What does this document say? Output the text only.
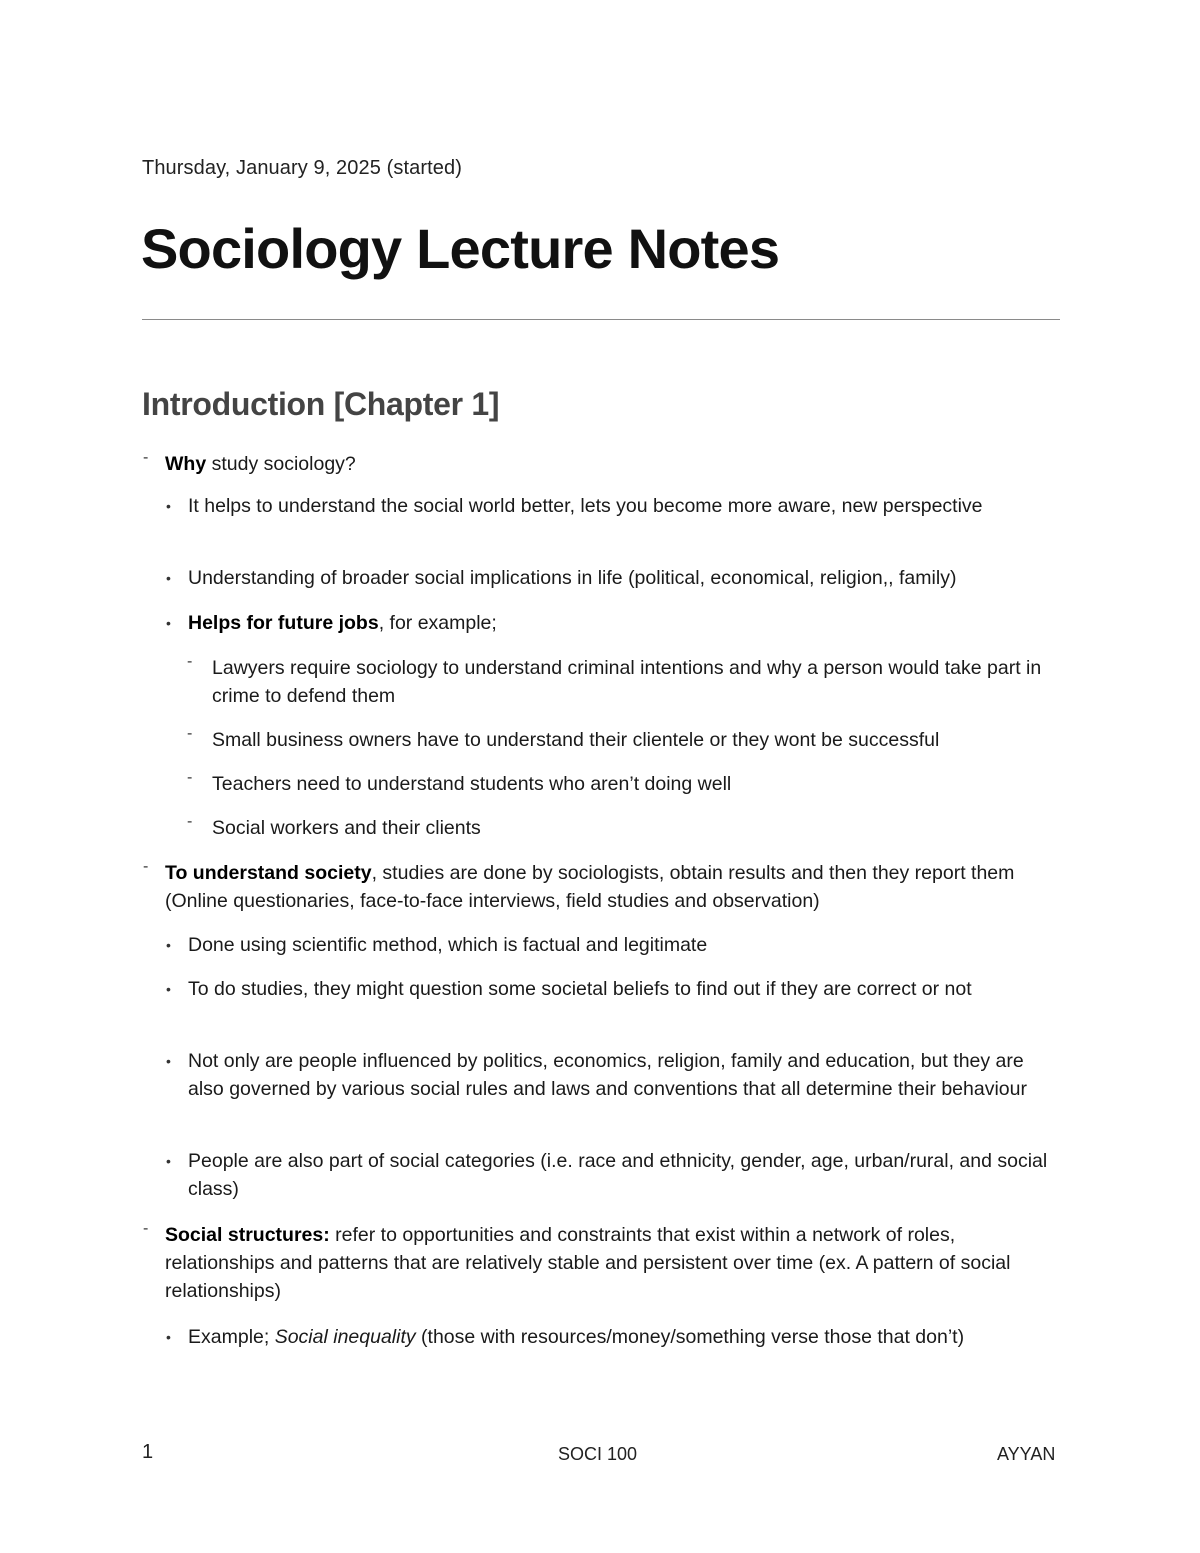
Thursday, January 9, 2025 (started)
Sociology Lecture Notes
Introduction [Chapter 1]
- Why study sociology?
• It helps to understand the social world better, lets you become more aware, new perspective
• Understanding of broader social implications in life (political, economical, religion,, family)
• Helps for future jobs, for example;
- Lawyers require sociology to understand criminal intentions and why a person would take part in crime to defend them
- Small business owners have to understand their clientele or they wont be successful
- Teachers need to understand students who aren’t doing well
- Social workers and their clients
- To understand society, studies are done by sociologists, obtain results and then they report them (Online questionaries, face-to-face interviews, field studies and observation)
• Done using scientific method, which is factual and legitimate
• To do studies, they might question some societal beliefs to find out if they are correct or not
• Not only are people influenced by politics, economics, religion, family and education, but they are also governed by various social rules and laws and conventions that all determine their behaviour
• People are also part of social categories (i.e. race and ethnicity, gender, age, urban/rural, and social class)
- Social structures: refer to opportunities and constraints that exist within a network of roles, relationships and patterns that are relatively stable and persistent over time (ex. A pattern of social relationships)
• Example; Social inequality (those with resources/money/something verse those that don’t)
1	SOCI 100	AYYAN
